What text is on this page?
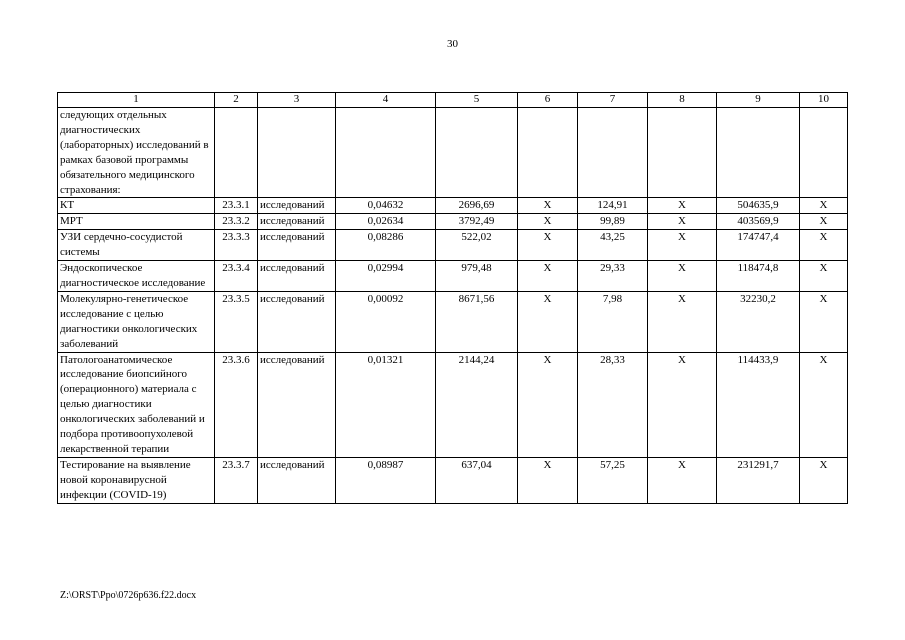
30
1	2	3	4	5	6	7	8	9	10
следующих отдельных диагностических (лабораторных) исследований в рамках базовой программы обязательного медицинского страхования:									
КТ	23.3.1	исследований	0,04632	2696,69	Х	124,91	Х	504635,9	Х
МРТ	23.3.2	исследований	0,02634	3792,49	Х	99,89	Х	403569,9	Х
УЗИ сердечно-сосудистой системы	23.3.3	исследований	0,08286	522,02	Х	43,25	Х	174747,4	Х
Эндоскопическое диагностическое исследование	23.3.4	исследований	0,02994	979,48	Х	29,33	Х	118474,8	Х
Молекулярно-генетическое исследование с целью диагностики онкологических заболеваний	23.3.5	исследований	0,00092	8671,56	Х	7,98	Х	32230,2	Х
Патологоанатомическое исследование биопсийного (операционного) материала с целью диагностики онкологических заболеваний и подбора противоопухолевой лекарственной терапии	23.3.6	исследований	0,01321	2144,24	Х	28,33	Х	114433,9	Х
Тестирование на выявление новой коронавирусной инфекции (COVID-19)	23.3.7	исследований	0,08987	637,04	Х	57,25	Х	231291,7	Х
Z:\ORST\Ppo\0726p636.f22.docx
